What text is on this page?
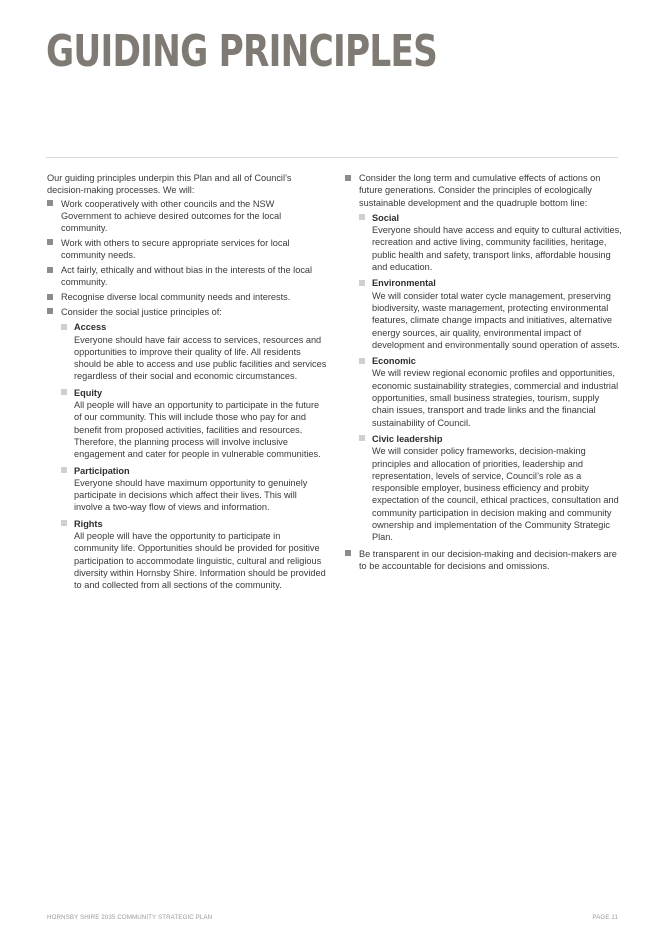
GUIDING PRINCIPLES

Our guiding principles underpin this Plan and all of Council’s decision-making processes. We will:

Work cooperatively with other councils and the NSW Government to achieve desired outcomes for the local community.
Work with others to secure appropriate services for local community needs.
Act fairly, ethically and without bias in the interests of the local community.
Recognise diverse local community needs and interests.
Consider the social justice principles of:
Access
Everyone should have fair access to services, resources and opportunities to improve their quality of life. All residents should be able to access and use public facilities and services regardless of their social and economic circumstances.
Equity
All people will have an opportunity to participate in the future of our community. This will include those who pay for and benefit from proposed activities, facilities and resources. Therefore, the planning process will involve inclusive engagement and cater for people in vulnerable communities.
Participation
Everyone should have maximum opportunity to genuinely participate in decisions which affect their lives. This will involve a two-way flow of views and information.
Rights
All people will have the opportunity to participate in community life. Opportunities should be provided for positive participation to accommodate linguistic, cultural and religious diversity within Hornsby Shire. Information should be provided to and collected from all sections of the community.
Consider the long term and cumulative effects of actions on future generations. Consider the principles of ecologically sustainable development and the quadruple bottom line:
Social
Everyone should have access and equity to cultural activities, recreation and active living, community facilities, heritage, public health and safety, transport links, affordable housing and education.
Environmental
We will consider total water cycle management, preserving biodiversity, waste management, protecting environmental features, climate change impacts and initiatives, alternative energy sources, air quality, environmental impact of development and environmentally sound operation of assets.
Economic
We will review regional economic profiles and opportunities, economic sustainability strategies, commercial and industrial opportunities, small business strategies, tourism, supply chain issues, transport and trade links and the financial sustainability of Council.
Civic leadership
We will consider policy frameworks, decision-making principles and allocation of priorities, leadership and representation, levels of service, Council’s role as a responsible employer, business efficiency and probity expectation of the council, ethical practices, consultation and community participation in decision making and community ownership and implementation of the Community Strategic Plan.
Be transparent in our decision-making and decision-makers are to be accountable for decisions and omissions.
HORNSBY SHIRE 2035 COMMUNITY STRATEGIC PLAN	PAGE 11
